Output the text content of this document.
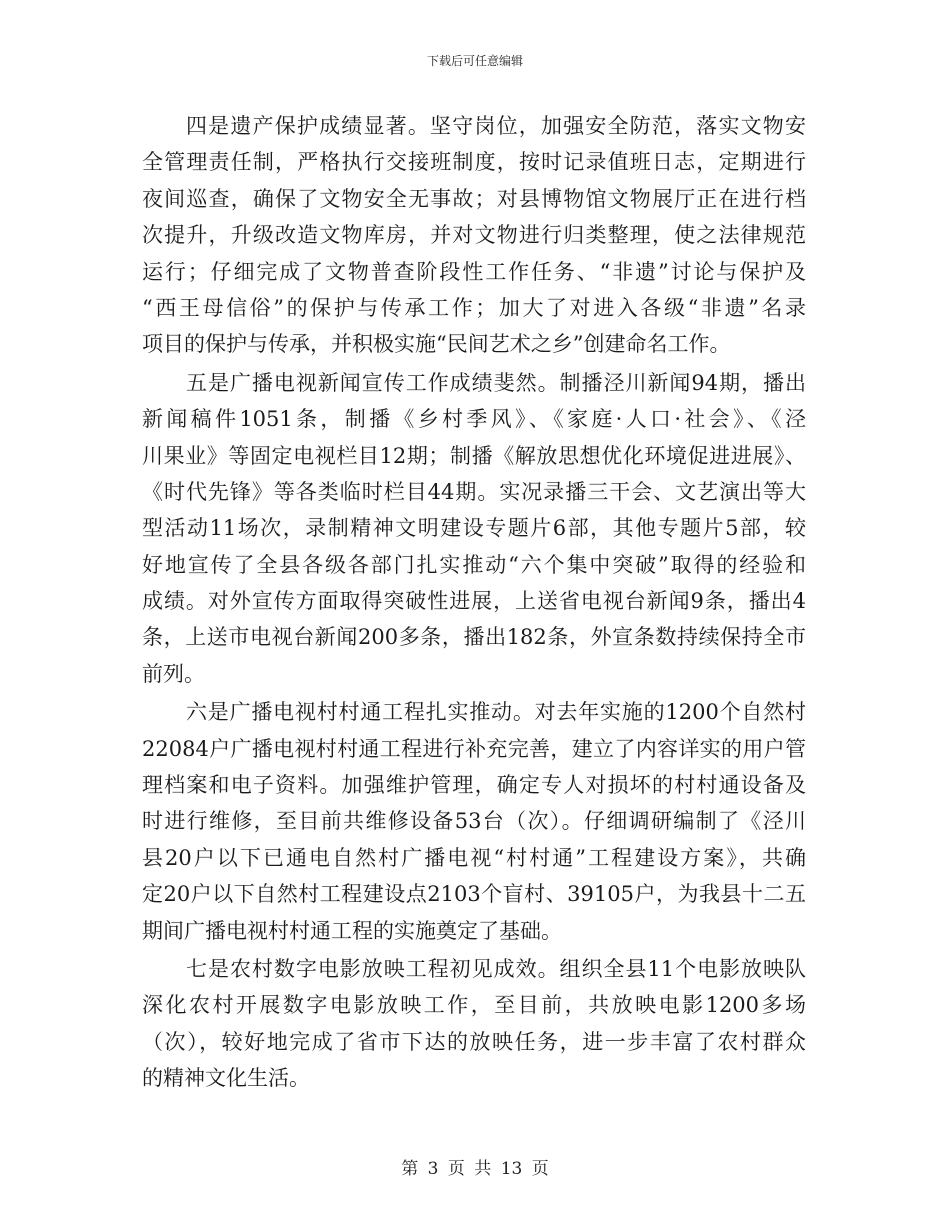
下载后可任意编辑
四是遗产保护成绩显著。坚守岗位，加强安全防范，落实文物安
全管理责任制，严格执行交接班制度，按时记录值班日志，定期进行
夜间巡查，确保了文物安全无事故；对县博物馆文物展厅正在进行档
次提升，升级改造文物库房，并对文物进行归类整理，使之法律规范
运行；仔细完成了文物普查阶段性工作任务、“非遗”讨论与保护及
“西王母信俗”的保护与传承工作；加大了对进入各级“非遗”名录
项目的保护与传承，并积极实施“民间艺术之乡”创建命名工作。
五是广播电视新闻宣传工作成绩斐然。制播泾川新闻94期，播出
新闻稿件1051条，制播《乡村季风》、《家庭·人口·社会》、《泾
川果业》等固定电视栏目12期；制播《解放思想优化环境促进进展》、
《时代先锋》等各类临时栏目44期。实况录播三干会、文艺演出等大
型活动11场次，录制精神文明建设专题片6部，其他专题片5部，较
好地宣传了全县各级各部门扎实推动“六个集中突破”取得的经验和
成绩。对外宣传方面取得突破性进展，上送省电视台新闻9条，播出4
条，上送市电视台新闻200多条，播出182条，外宣条数持续保持全市
前列。
六是广播电视村村通工程扎实推动。对去年实施的1200个自然村
22084户广播电视村村通工程进行补充完善，建立了内容详实的用户管
理档案和电子资料。加强维护管理，确定专人对损坏的村村通设备及
时进行维修，至目前共维修设备53台（次）。仔细调研编制了《泾川
县20户以下已通电自然村广播电视“村村通”工程建设方案》，共确
定20户以下自然村工程建设点2103个盲村、39105户，为我县十二五
期间广播电视村村通工程的实施奠定了基础。
七是农村数字电影放映工程初见成效。组织全县11个电影放映队
深化农村开展数字电影放映工作，至目前，共放映电影1200多场
（次），较好地完成了省市下达的放映任务，进一步丰富了农村群众
的精神文化生活。
第 3 页 共 13 页
